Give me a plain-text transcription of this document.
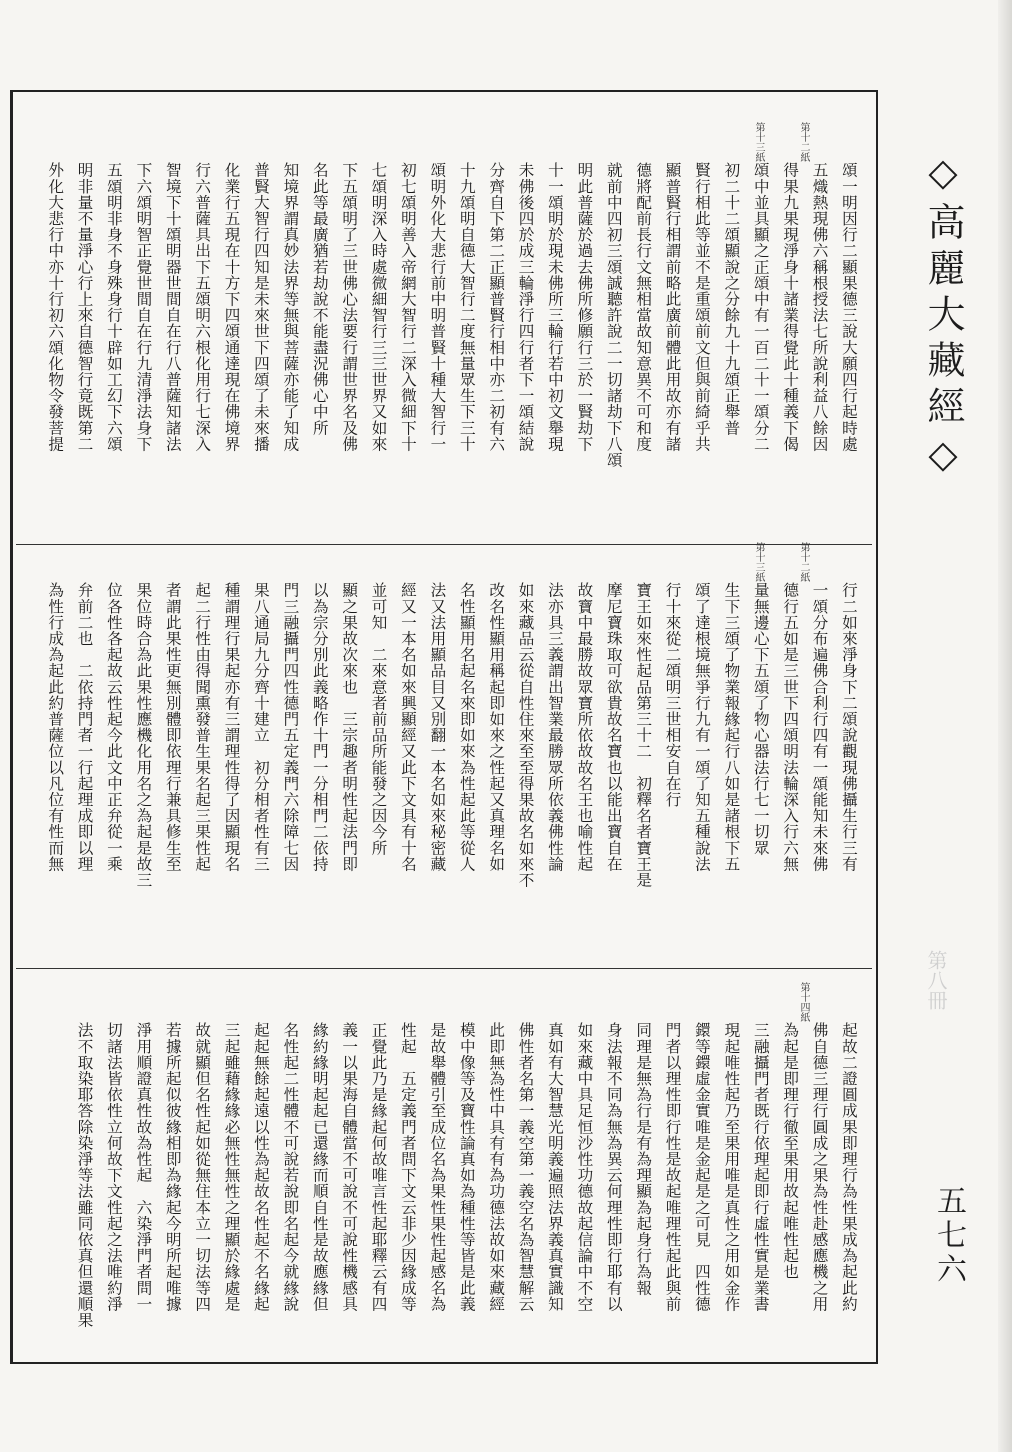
頌一明因行二顯果德三說大願四行起時處
五熾熱現佛六稱根授法七所說利益八餘因
得果九果現淨身十諸業得覺此十種義下偈
頌中並具顯之正頌中有一百二十一頌分二
初二十二頌顯說之分餘九十九頌正舉普
賢行相此等並不是重頌前文但與前綺乎共
顯普賢行相謂前略此廣前體此用故亦有諸
德將配前長行文無相當故知意異不可和度
就前中四初三頌誠聽許說二一切諸劫下八頌
明此普薩於過去佛所修願行三於一賢劫下
十一頌明於現未佛所三輪行若中初文舉現
未佛後四於成三輪淨行四行者下一頌結說
分齊自下第二正顯普賢行相中亦二初有六
十九頌明自德大智行二度無量眾生下三十
頌明外化大悲行前中明普賢十種大智行一
初七頌明善入帝網大智行二深入微細下十
七頌明深入時處微細智行三三世界又如來
下五頌明了三世佛心法要行謂世界名及佛
名此等最廣猶若劫說不能盡況佛心中所
知境界謂真妙法界等無與菩薩亦能了知成
普賢大智行四知是未來世下四頌了未來播
化業行五現在十方下四頌通達現在佛境界
行六普薩具出下五頌明六根化用行七深入
智境下十頌明器世間自在行八普薩知諸法
下六頌明智正覺世間自在行九清淨法身下
五頌明非身不身殊身行十辟如工幻下六頌
明非量不量淨心行上來自德智行竟既第二
外化大悲行中亦十行初六頌化物令發菩提
第十二紙
第十三紙
行二如來淨身下二頌說觀現佛攝生行三有
一頌分布遍佛合利行四有一頌能知未來佛
德行五如是三世下四頌明法輪深入行六無
量無邊心下五頌了物心器法行七一切眾
生下三頌了物業報緣起行八如是諸根下五
頌了達根境無爭行九有一頌了知五種說法
行十來從二頌明三世相安自在行
寶王如來性起品第三十二　初釋名者寶王是
摩尼寶珠取可欲貴故名寶也以能出寶自在
故寶中最勝故眾寶所依故故名王也喻性起
法亦具三義謂出智業最勝眾所依義佛性論
如來藏品云從自性住來至至得果故名如來不
改名性顯用稱起即如來之性起又真理名如
名性顯用名起名來即如來為性起此等從人
法又法用顯品目又別翻一本名如來秘密藏
經又一本名如來興顯經又此下文具有十名
並可知　二來意者前品所能發之因今所
顯之果故次來也　三宗趣者明性起法門即
以為宗分別此義略作十門一分相門二依持
門三融攝門四性德門五定義門六除障七因
果八通局九分齊十建立　初分相者性有三
種謂理行果起亦有三謂理性得了因顯現名
起二行性由得聞熏發普生果名起三果性起
者謂此果性更無別體即依理行兼具修生至
果位時合為此果性應機化用名之為起是故三
位各性各起故云性起今此文中正弁從一乘
弁前二也　二依持門者一行起理成即以理
為性行成為起此約普薩位以凡位有性而無
第十二紙
第十三紙
起故二證圓成果即理行為性果成為起此約
佛自德三理行圓成之果為性赴感應機之用
為起是即理行徹至果用故起唯性起也
三融攝門者既行依理起即行虛性實是業書
現起唯性起乃至果用唯是真性之用如金作
鐶等鐶虛金實唯是金起是之可見　四性德
門者以理性即行性是故起唯理性起此與前
同理是無為行是有為理顯為起身行為報
身法報不同為無為異云何理性即行耶有以
如來藏中具足恒沙性功德故起信論中不空
真如有大智慧光明義遍照法界義真實識知
佛性者名第一義空第一義空名為智慧解云
此即無為性中具有有為功德法故如來藏經
模中像等及寶性論真如為種性等皆是此義
是故舉體引至成位名為果性果性起感名為
性起　五定義門者問下文云非少因緣成等
正覺此乃是緣起何故唯言性起耶釋云有四
義一以果海自體當不可說不可說性機感具
緣約緣明起起已還緣而順自性是故應緣但
名性起二性體不可說若說即名起今就緣說
起起無餘起遠以性為起故名性起不名緣起
三起雖藉緣緣必無性無性之理顯於緣處是
故就顯但名性起如從無住本立一切法等四
若據所起似彼緣相即為緣起今明所起唯據
淨用順證真性故為性起　六染淨門者問一
切諸法皆依性立何故下文性起之法唯約淨
法不取染耶答除染淨等法雖同依真但還順果
第十四紙
◇高麗大藏經◇
第八冊
五七六
